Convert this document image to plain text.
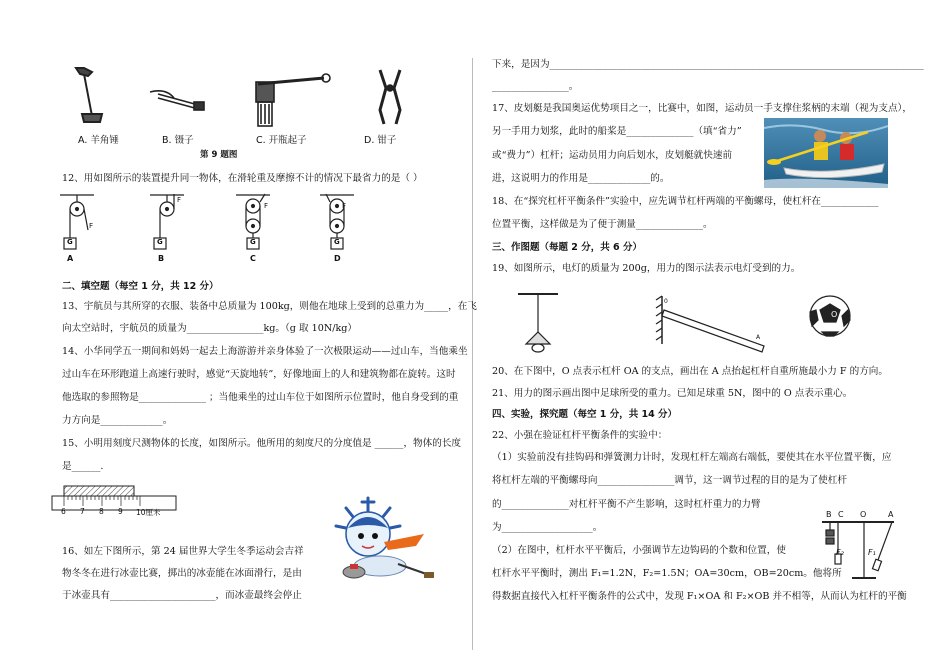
A. 羊角锤	B. 镊子	C. 开瓶起子	D. 钳子
第 9 题图
12、用如图所示的装置提升同一物体，在滑轮重及摩擦不计的情况下最省力的是（ ）
G	G	G	G
F
F
F	F
A	B	C	D
二、填空题（每空 1 分，共 12 分）
13、宇航员与其所穿的衣服、装备中总质量为 100kg，则他在地球上受到的总重力为_____，在飞
向太空站时，宇航员的质量为________________kg。（g 取 10N/kg）
14、小华同学五一期间和妈妈一起去上海游游并亲身体验了一次极限运动——过山车，当他乘坐
过山车在环形跑道上高速行驶时，感觉“天旋地转”，好像地面上的人和建筑物都在旋转。这时
他选取的参照物是______________ ；当他乘坐的过山车位于如图所示位置时，他自身受到的重
力方向是_____________。
15、小明用刻度尺测物体的长度，如图所示。他所用的刻度尺的分度值是 ______，物体的长度
是______.
6 7 8 9 10厘米
16、如左下图所示，第 24 届世界大学生冬季运动会吉祥
物冬冬在进行冰壶比赛，掷出的冰壶能在冰面滑行，是由
于冰壶具有______________________，而冰壶最终会停止
下来，是因为______________________________________________________________________________
________________。
17、皮划艇是我国奥运优势项目之一，比赛中，如图，运动员一手支撑住浆柄的末端（视为支点），
另一手用力划浆，此时的船桨是______________（填“省力”
或“费力”）杠杆；运动员用力向后划水，皮划艇就快速前
进，这说明力的作用是_____________的。
18、在“探究杠杆平衡条件”实验中，应先调节杠杆两端的平衡螺母，使杠杆在____________
位置平衡，这样做是为了便于测量______________。
三、作图题（每题 2 分，共 6 分）
19、如图所示，电灯的质量为 200g，用力的图示法表示电灯受到的力。
0
A
O
20、在下图中，O 点表示杠杆 OA 的支点，画出在 A 点抬起杠杆自重所施最小力 F 的方向。
21、用力的图示画出图中足球所受的重力。已知足球重 5N，图中的 O 点表示重心。
四、实验，探究题（每空 1 分，共 14 分）
22、小强在验证杠杆平衡条件的实验中：
（1）实验前没有挂钩码和弹簧测力计时，发现杠杆左端高右端低，要使其在水平位置平衡，应
将杠杆左端的平衡螺母向________________调节，这一调节过程的目的是为了使杠杆
的______________对杠杆平衡不产生影响，这时杠杆重力的力臂
为___________________。
（2）在图中，杠杆水平平衡后，小强调节左边钩码的个数和位置，使
杠杆水平平衡时，测出 F₁=1.2N，F₂=1.5N；OA=30cm，OB=20cm。他将所
得数据直接代入杠杆平衡条件的公式中，发现 F₁×OA 和 F₂×OB 并不相等，从而认为杠杆的平衡
B C O	A
F₂	F₁
